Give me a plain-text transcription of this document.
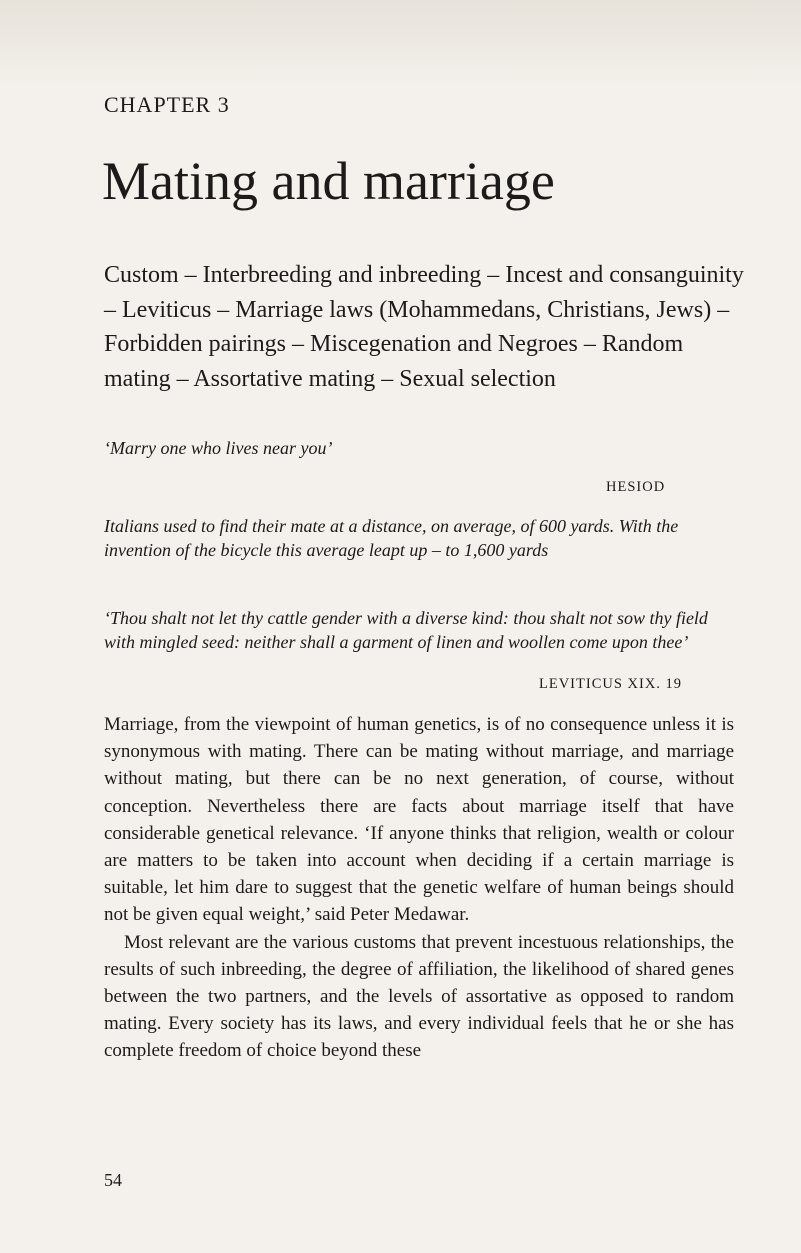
CHAPTER 3
Mating and marriage

Custom – Interbreeding and inbreeding – Incest and consanguinity – Leviticus – Marriage laws (Mohammedans, Christians, Jews) – Forbidden pairings – Miscegenation and Negroes – Random mating – Assortative mating – Sexual selection

‘Marry one who lives near you’

HESIOD

Italians used to find their mate at a distance, on average, of 600 yards. With the invention of the bicycle this average leapt up – to 1,600 yards

‘Thou shalt not let thy cattle gender with a diverse kind: thou shalt not sow thy field with mingled seed: neither shall a garment of linen and woollen come upon thee’

LEVITICUS XIX. 19

Marriage, from the viewpoint of human genetics, is of no consequence unless it is synonymous with mating. There can be mating without marriage, and marriage without mating, but there can be no next generation, of course, without conception. Nevertheless there are facts about marriage itself that have considerable genetical relevance. ‘If anyone thinks that religion, wealth or colour are matters to be taken into account when deciding if a certain marriage is suitable, let him dare to suggest that the genetic welfare of human beings should not be given equal weight,’ said Peter Medawar.

Most relevant are the various customs that prevent incestuous relationships, the results of such inbreeding, the degree of affiliation, the likelihood of shared genes between the two partners, and the levels of assortative as opposed to random mating. Every society has its laws, and every individual feels that he or she has complete freedom of choice beyond these

54
